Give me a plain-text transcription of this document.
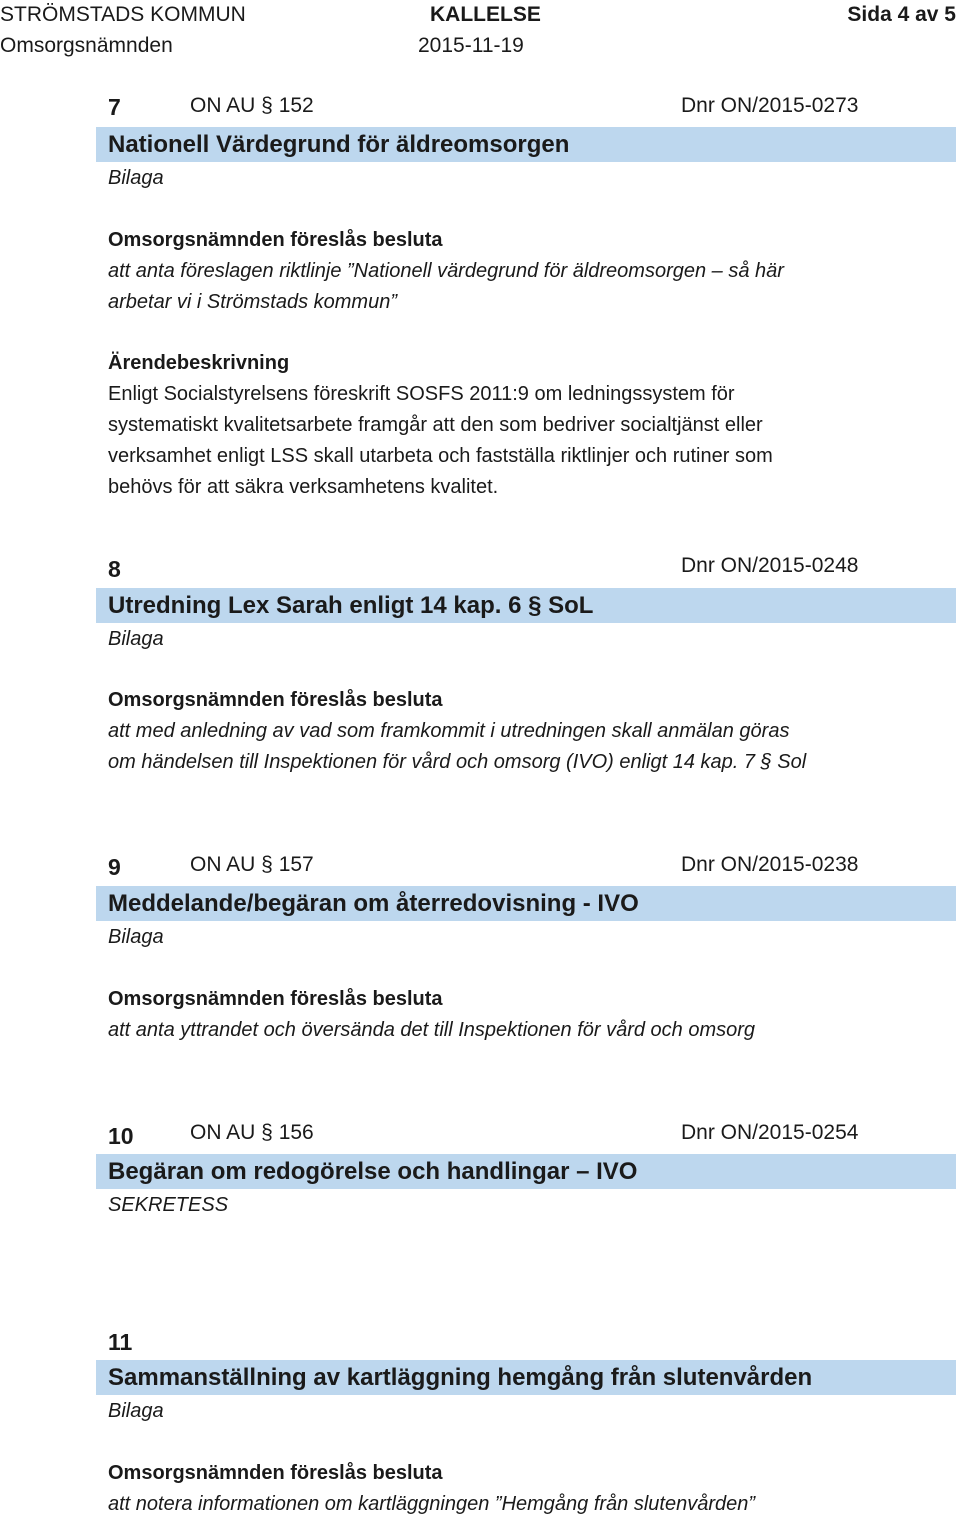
STRÖMSTADS KOMMUN	KALLELSE	Sida 4 av 5
Omsorgsnämnden	2015-11-19
7	ON AU § 152	Dnr ON/2015-0273
Nationell Värdegrund för äldreomsorgen
Bilaga
Omsorgsnämnden föreslås besluta
att anta föreslagen riktlinje ”Nationell värdegrund för äldreomsorgen – så här
arbetar vi i Strömstads kommun”
Ärendebeskrivning
Enligt Socialstyrelsens föreskrift SOSFS 2011:9 om ledningssystem för
systematiskt kvalitetsarbete framgår att den som bedriver socialtjänst eller
verksamhet enligt LSS skall utarbeta och fastställa riktlinjer och rutiner som
behövs för att säkra verksamhetens kvalitet.
8	Dnr ON/2015-0248
Utredning Lex Sarah enligt 14 kap. 6 § SoL
Bilaga
Omsorgsnämnden föreslås besluta
att med anledning av vad som framkommit i utredningen skall anmälan göras
om händelsen till Inspektionen för vård och omsorg (IVO) enligt 14 kap. 7 § Sol
9	ON AU § 157	Dnr ON/2015-0238
Meddelande/begäran om återredovisning - IVO
Bilaga
Omsorgsnämnden föreslås besluta
att anta yttrandet och översända det till Inspektionen för vård och omsorg
10	ON AU § 156	Dnr ON/2015-0254
Begäran om redogörelse och handlingar – IVO
SEKRETESS
11
Sammanställning av kartläggning hemgång från slutenvården
Bilaga
Omsorgsnämnden föreslås besluta
att notera informationen om kartläggningen ”Hemgång från slutenvården”
